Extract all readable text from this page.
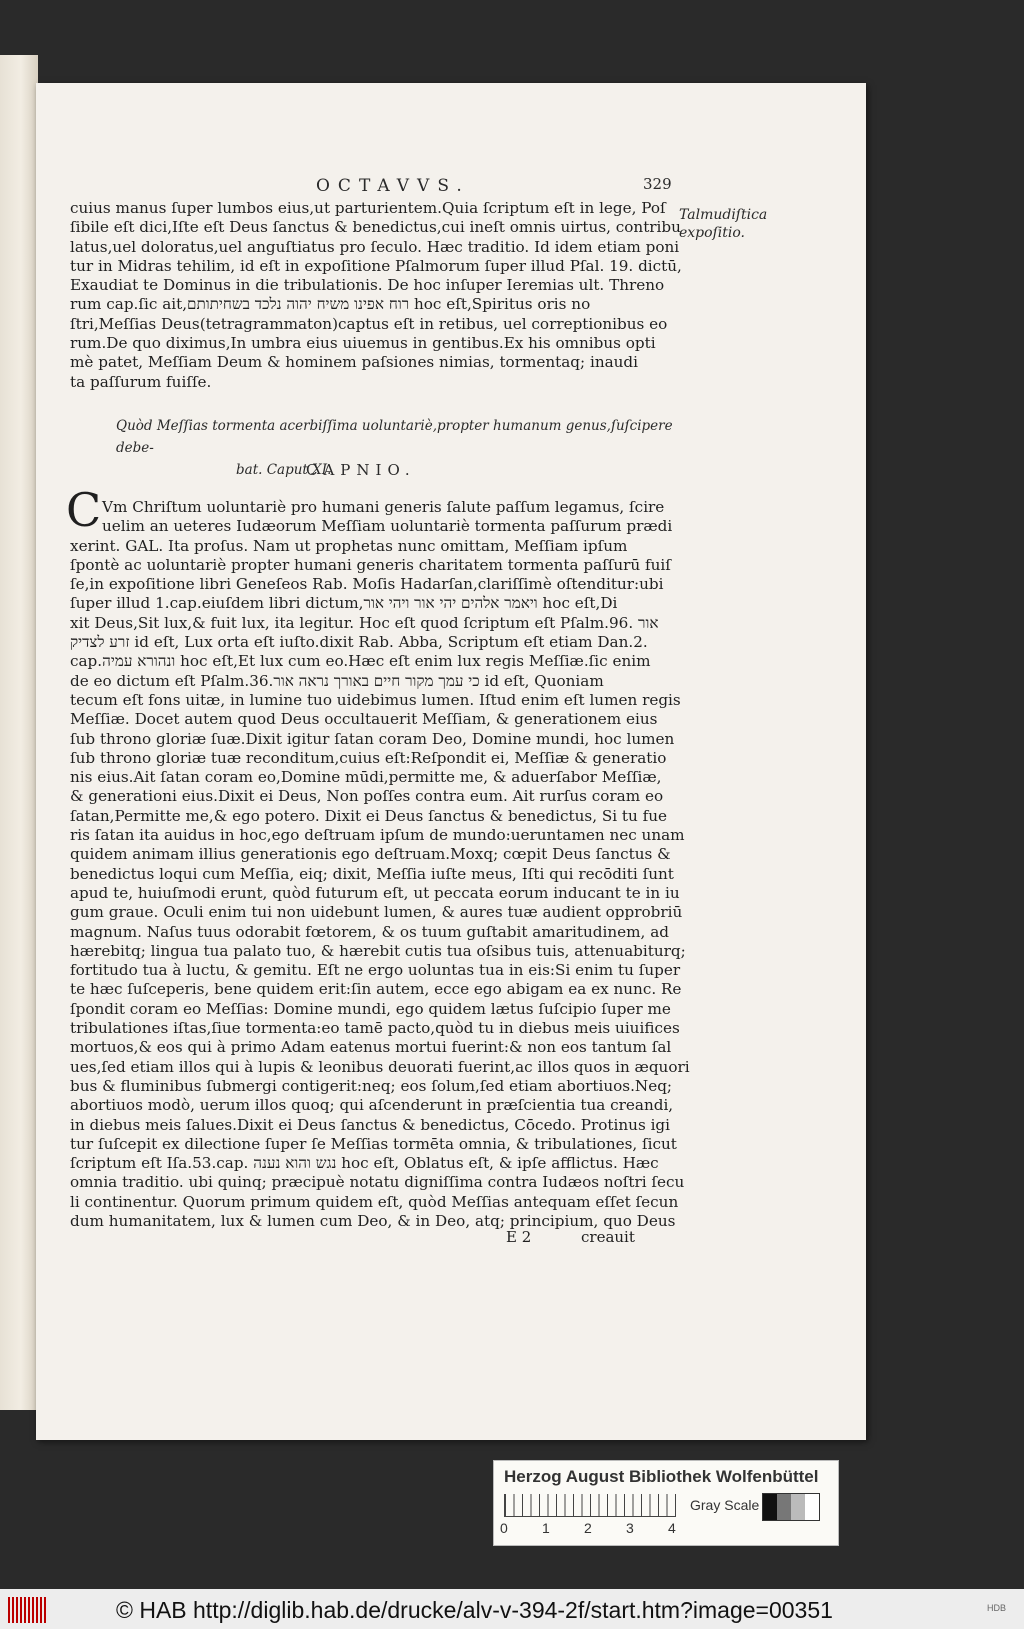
OCTAVVS.	329
Talmudiſtica
expoſitio.
cuius manus ſuper lumbos eius,ut parturientem.Quia ſcriptum eſt in lege, Poſ
ſibile eſt dici,Iſte eſt Deus ſanctus & benedictus,cui ineſt omnis uirtus, contribu
latus,uel doloratus,uel anguſtiatus pro ſeculo. Hæc traditio. Id idem etiam poni
tur in Midras tehilim, id eſt in expoſitione Pſalmorum ſuper illud Pſal. 19. dictū,
Exaudiat te Dominus in die tribulationis. De hoc inſuper Ieremias ult. Threno
rum cap.ſic ait,רוח אפינו משיח יהוה נלכד בשחיתותם hoc eſt,Spiritus oris no
ſtri,Meſſias Deus(tetragrammaton)captus eſt in retibus, uel correptionibus eo
rum.De quo diximus,In umbra eius uiuemus in gentibus.Ex his omnibus opti
mè patet, Meſſiam Deum & hominem paſsiones nimias, tormentaq; inaudi
ta paſſurum fuiſſe.
Quòd Meſſias tormenta acerbiſſima uoluntariè,propter humanum genus,ſuſcipere debe-
bat. Caput XI.
CAPNIO.
C Vm Chriſtum uoluntariè pro humani generis ſalute paſſum legamus, ſcire
uelim an ueteres Iudæorum Meſſiam uoluntariè tormenta paſſurum prædi
xerint. GAL. Ita proſus. Nam ut prophetas nunc omittam, Meſſiam ipſum
ſpontè ac uoluntariè propter humani generis charitatem tormenta paſſurū fuiſ
ſe,in expoſitione libri Geneſeos Rab. Moſis Hadarſan,clariſſimè oſtenditur:ubi
ſuper illud 1.cap.eiuſdem libri dictum,ויאמר אלהים יהי אור ויהי אור hoc eſt,Di
xit Deus,Sit lux,& fuit lux, ita legitur. Hoc eſt quod ſcriptum eſt Pſalm.96. אור
זרע לצדיק id eſt, Lux orta eſt iuſto.dixit Rab. Abba, Scriptum eſt etiam Dan.2.
cap.ונהורא עמיה hoc eſt,Et lux cum eo.Hæc eſt enim lux regis Meſſiæ.ſic enim
de eo dictum eſt Pſalm.36.כי עמך מקור חיים באורך נראה אור id eſt, Quoniam
tecum eſt fons uitæ, in lumine tuo uidebimus lumen. Iſtud enim eſt lumen regis
Meſſiæ. Docet autem quod Deus occultauerit Meſſiam, & generationem eius
ſub throno gloriæ ſuæ.Dixit igitur ſatan coram Deo, Domine mundi, hoc lumen
ſub throno gloriæ tuæ reconditum,cuius eſt:Reſpondit ei, Meſſiæ & generatio
nis eius.Ait ſatan coram eo,Domine mūdi,permitte me, & aduerſabor Meſſiæ,
& generationi eius.Dixit ei Deus, Non poſſes contra eum. Ait rurſus coram eo
ſatan,Permitte me,& ego potero. Dixit ei Deus ſanctus & benedictus, Si tu fue
ris ſatan ita auidus in hoc,ego deſtruam ipſum de mundo:ueruntamen nec unam
quidem animam illius generationis ego deſtruam.Moxq; cœpit Deus ſanctus &
benedictus loqui cum Meſſia, eiq; dixit, Meſſia iuſte meus, Iſti qui recōditi ſunt
apud te, huiuſmodi erunt, quòd futurum eſt, ut peccata eorum inducant te in iu
gum graue. Oculi enim tui non uidebunt lumen, & aures tuæ audient opprobriū
magnum. Naſus tuus odorabit fœtorem, & os tuum guſtabit amaritudinem, ad
hærebitq; lingua tua palato tuo, & hærebit cutis tua oſsibus tuis, attenuabiturq;
fortitudo tua à luctu, & gemitu. Eſt ne ergo uoluntas tua in eis:Si enim tu ſuper
te hæc ſuſceperis, bene quidem erit:ſin autem, ecce ego abigam ea ex nunc. Re
ſpondit coram eo Meſſias: Domine mundi, ego quidem lætus ſuſcipio ſuper me
tribulationes iſtas,ſiue tormenta:eo tamē pacto,quòd tu in diebus meis uiuifices
mortuos,& eos qui à primo Adam eatenus mortui fuerint:& non eos tantum ſal
ues,ſed etiam illos qui à lupis & leonibus deuorati fuerint,ac illos quos in æquori
bus & fluminibus ſubmergi contigerit:neq; eos ſolum,ſed etiam abortiuos.Neq;
abortiuos modò, uerum illos quoq; qui aſcenderunt in præſcientia tua creandi,
in diebus meis ſalues.Dixit ei Deus ſanctus & benedictus, Cōcedo. Protinus igi
tur ſuſcepit ex dilectione ſuper ſe Meſſias tormēta omnia, & tribulationes, ſicut
ſcriptum eſt Iſa.53.cap. נגש והוא נענה hoc eſt, Oblatus eſt, & ipſe afflictus. Hæc
omnia traditio. ubi quinq; præcipuè notatu digniſſima contra Iudæos noſtri ſecu
li continentur. Quorum primum quidem eſt, quòd Meſſias antequam eſſet ſecun
dum humanitatem, lux & lumen cum Deo, & in Deo, atq; principium, quo Deus
E 2	creauit
Herzog August Bibliothek Wolfenbüttel
0 1 2 3 4
Gray Scale
© HAB http://diglib.hab.de/drucke/alv-v-394-2f/start.htm?image=00351	HDB
